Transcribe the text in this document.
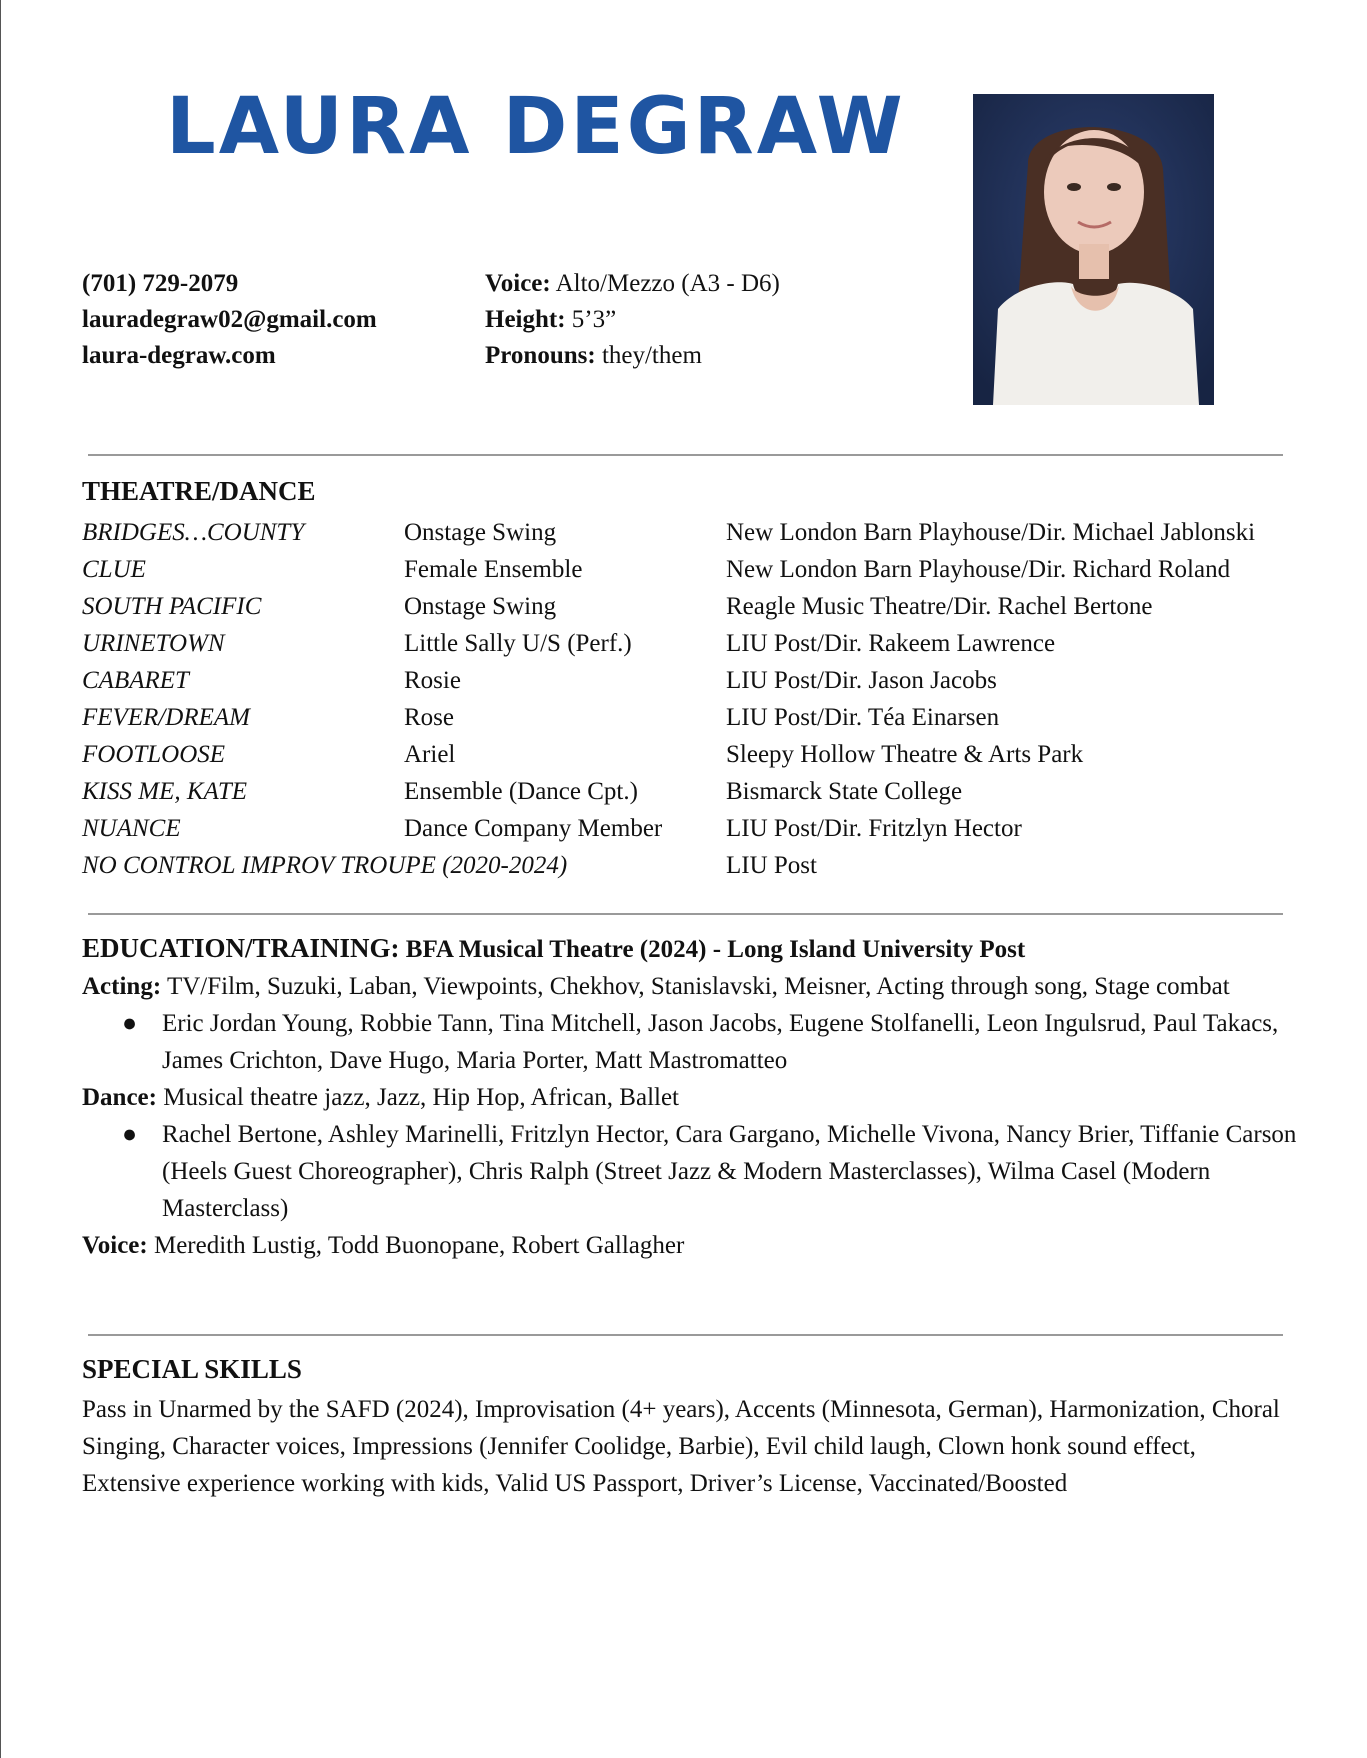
LAURA DEGRAW
(701) 729-2079
lauradegraw02@gmail.com
laura-degraw.com
Voice: Alto/Mezzo (A3 - D6)
Height: 5’3”
Pronouns: they/them
THEATRE/DANCE
BRIDGES…COUNTY	Onstage Swing	New London Barn Playhouse/Dir. Michael Jablonski
CLUE	Female Ensemble	New London Barn Playhouse/Dir. Richard Roland
SOUTH PACIFIC	Onstage Swing	Reagle Music Theatre/Dir. Rachel Bertone
URINETOWN	Little Sally U/S (Perf.)	LIU Post/Dir. Rakeem Lawrence
CABARET	Rosie	LIU Post/Dir. Jason Jacobs
FEVER/DREAM	Rose	LIU Post/Dir. Téa Einarsen
FOOTLOOSE	Ariel	Sleepy Hollow Theatre & Arts Park
KISS ME, KATE	Ensemble (Dance Cpt.)	Bismarck State College
NUANCE	Dance Company Member	LIU Post/Dir. Fritzlyn Hector
NO CONTROL IMPROV TROUPE (2020-2024)		LIU Post

EDUCATION/TRAINING: BFA Musical Theatre (2024) - Long Island University Post

Acting: TV/Film, Suzuki, Laban, Viewpoints, Chekhov, Stanislavski, Meisner, Acting through song, Stage combat

● Eric Jordan Young, Robbie Tann, Tina Mitchell, Jason Jacobs, Eugene Stolfanelli, Leon Ingulsrud, Paul Takacs, James Crichton, Dave Hugo, Maria Porter, Matt Mastromatteo

Dance: Musical theatre jazz, Jazz, Hip Hop, African, Ballet

● Rachel Bertone, Ashley Marinelli, Fritzlyn Hector, Cara Gargano, Michelle Vivona, Nancy Brier, Tiffanie Carson (Heels Guest Choreographer), Chris Ralph (Street Jazz & Modern Masterclasses), Wilma Casel (Modern Masterclass)

Voice: Meredith Lustig, Todd Buonopane, Robert Gallagher

SPECIAL SKILLS

Pass in Unarmed by the SAFD (2024), Improvisation (4+ years), Accents (Minnesota, German), Harmonization, Choral Singing, Character voices, Impressions (Jennifer Coolidge, Barbie), Evil child laugh, Clown honk sound effect, Extensive experience working with kids, Valid US Passport, Driver’s License, Vaccinated/Boosted
